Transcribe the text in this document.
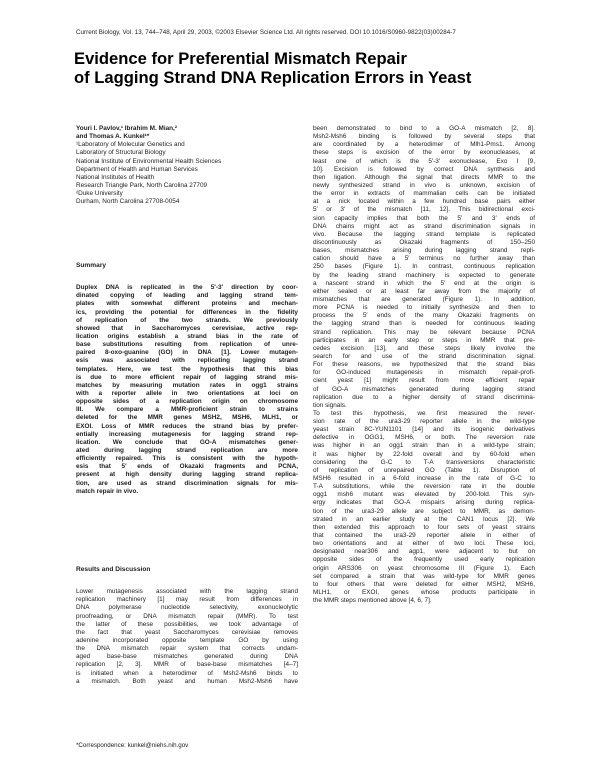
Current Biology, Vol. 13, 744–748, April 29, 2003, ©2003 Elsevier Science Ltd. All rights reserved. DOI 10.1016/S0960-9822(03)00284-7
Evidence for Preferential Mismatch Repair
of Lagging Strand DNA Replication Errors in Yeast
Youri I. Pavlov,¹ Ibrahim M. Mian,²
and Thomas A. Kunkel¹*
¹Laboratory of Molecular Genetics and
Laboratory of Structural Biology
National Institute of Environmental Health Sciences
Department of Health and Human Services
National Institutes of Health
Research Triangle Park, North Carolina 27709
²Duke University
Durham, North Carolina 27708-0054
Summary
Duplex DNA is replicated in the 5′-3′ direction by coor-
dinated copying of leading and lagging strand tem-
plates with somewhat different proteins and mechan-
ics, providing the potential for differences in the fidelity
of replication of the two strands. We previously
showed that in Saccharomyces cerevisiae, active rep-
lication origins establish a strand bias in the rate of
base substitutions resulting from replication of unre-
paired 8-oxo-guanine (GO) in DNA [1]. Lower mutagen-
esis was associated with replicating lagging strand
templates. Here, we test the hypothesis that this bias
is due to more efficient repair of lagging strand mis-
matches by measuring mutation rates in ogg1 strains
with a reporter allele in two orientations at loci on
opposite sides of a replication origin on chromosome
III. We compare a MMR-proficient strain to strains
deleted for the MMR genes MSH2, MSH6, MLH1, or
EXOI. Loss of MMR reduces the strand bias by prefer-
entially increasing mutagenesis for lagging strand rep-
lication. We conclude that GO-A mismatches gener-
ated during lagging strand replication are more
efficiently repaired. This is consistent with the hypoth-
esis that 5′ ends of Okazaki fragments and PCNA,
present at high density during lagging strand replica-
tion, are used as strand discrimination signals for mis-
match repair in vivo.
Results and Discussion
Lower mutagenesis associated with the lagging strand
replication machinery [1] may result from differences in
DNA polymerase nucleotide selectivity, exonucleolytic
proofreading, or DNA mismatch repair (MMR). To test
the latter of these possibilities, we took advantage of
the fact that yeast Saccharomyces cerevisiae removes
adenine incorporated opposite template GO by using
the DNA mismatch repair system that corrects undam-
aged base-base mismatches generated during DNA
replication [2, 3]. MMR of base-base mismatches [4–7]
is initiated when a heterodimer of Msh2-Msh6 binds to
a mismatch. Both yeast and human Msh2-Msh6 have
*Correspondence: kunkel@niehs.nih.gov
been demonstrated to bind to a GO-A mismatch [2, 8].
Msh2-Msh6 binding is followed by several steps that
are coordinated by a heterodimer of Mlh1-Pms1. Among
these steps is excision of the error by exonucleases, at
least one of which is the 5′-3′ exonuclease, Exo I [9,
10]. Excision is followed by correct DNA synthesis and
then ligation. Although the signal that directs MMR to the
newly synthesized strand in vivo is unknown, excision of
the error in extracts of mammalian cells can be initiated
at a nick located within a few hundred base pairs either
5′ or 3′ of the mismatch [11, 12]. This bidirectional exci-
sion capacity implies that both the 5′ and 3′ ends of
DNA chains might act as strand discrimination signals in
vivo. Because the lagging strand template is replicated
discontinuously as Okazaki fragments of 150–250
bases, mismatches arising during lagging strand repli-
cation should have a 5′ terminus no further away than
250 bases (Figure 1). In contrast, continuous replication
by the leading strand machinery is expected to generate
a nascent strand in which the 5′ end at the origin is
either sealed or at least far away from the majority of
mismatches that are generated (Figure 1). In addition,
more PCNA is needed to initially synthesize and then to
process the 5′ ends of the many Okazaki fragments on
the lagging strand than is needed for continuous leading
strand replication. This may be relevant because PCNA
participates in an early step or steps in MMR that pre-
cedes excision [13], and these steps likely involve the
search for and use of the strand discrimination signal.
For these reasons, we hypothesized that the strand bias
for GO-induced mutagenesis in mismatch repair-profi-
cient yeast [1] might result from more efficient repair
of GO-A mismatches generated during lagging strand
replication due to a higher density of strand discrimina-
tion signals.
To test this hypothesis, we first measured the rever-
sion rate of the ura3-29 reporter allele in the wild-type
yeast strain 8C-YUN1101 [14] and its isogenic derivatives
defective in OGG1, MSH6, or both. The reversion rate
was higher in an ogg1 strain than in a wild-type strain;
it was higher by 22-fold overall and by 60-fold when
considering the G-C to T-A transversions characteristic
of replication of unrepaired GO (Table 1). Disruption of
MSH6 resulted in a 6-fold increase in the rate of G-C to
T-A substitutions, while the reversion rate in the double
ogg1 msh6 mutant was elevated by 200-fold. This syn-
ergy indicates that GO-A mispairs arising during replica-
tion of the ura3-29 allele are subject to MMR, as demon-
strated in an earlier study at the CAN1 locus [2]. We
then extended this approach to four sets of yeast strains
that contained the ura3-29 reporter allele in either of
two orientations and at either of two loci. These loci,
designated near306 and agp1, were adjacent to but on
opposite sides of the frequently used early replication
origin ARS306 on yeast chromosome III (Figure 1). Each
set compared a strain that was wild-type for MMR genes
to four others that were deleted for either MSH2, MSH6,
MLH1, or EXOI, genes whose products participate in
the MMR steps mentioned above [4, 6, 7].
